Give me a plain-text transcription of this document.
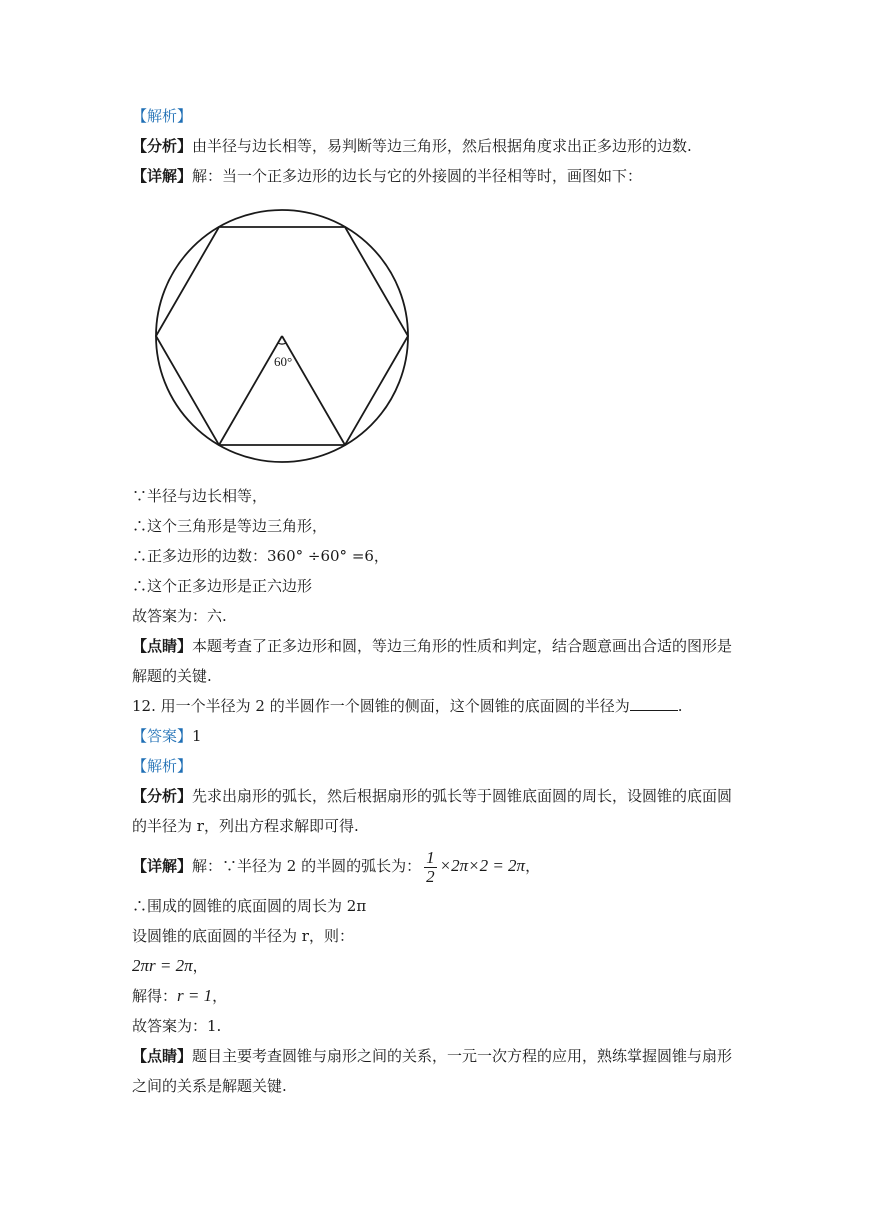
【解析】
【分析】由半径与边长相等，易判断等边三角形，然后根据角度求出正多边形的边数.
【详解】解：当一个正多边形的边长与它的外接圆的半径相等时，画图如下：
60°
∵半径与边长相等，
∴这个三角形是等边三角形，
∴正多边形的边数：360° ÷60° =6，
∴这个正多边形是正六边形
故答案为：六.
【点睛】本题考查了正多边形和圆，等边三角形的性质和判定，结合题意画出合适的图形是
解题的关键.
12. 用一个半径为 2 的半圆作一个圆锥的侧面，这个圆锥的底面圆的半径为	.
【答案】1
【解析】
【分析】先求出扇形的弧长，然后根据扇形的弧长等于圆锥底面圆的周长，设圆锥的底面圆
的半径为 r，列出方程求解即可得.
【详解】解：∵半径为 2 的半圆的弧长为： $\frac{1}{2} \times 2\pi\times 2 = 2\pi$，
∴围成的圆锥的底面圆的周长为 2π
设圆锥的底面圆的半径为 r，则：
2πr = 2π，
解得：r = 1，
故答案为：1.
【点睛】题目主要考查圆锥与扇形之间的关系，一元一次方程的应用，熟练掌握圆锥与扇形
之间的关系是解题关键.
